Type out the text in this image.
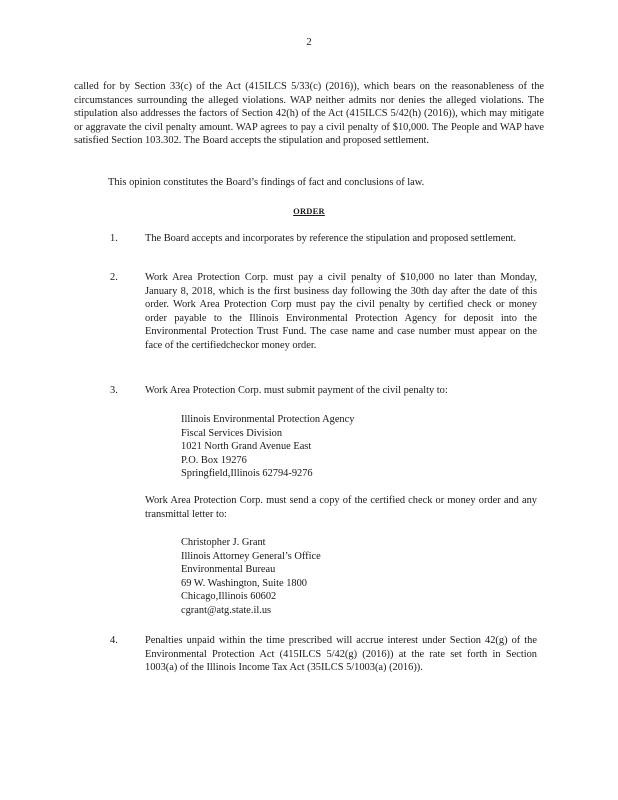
2
called for by Section 33(c) of the Act (415ILCS 5/33(c) (2016)), which bears on the reasonableness of the circumstances surrounding the alleged violations. WAP neither admits nor denies the alleged violations. The stipulation also addresses the factors of Section 42(h) of the Act (415ILCS 5/42(h) (2016)), which may mitigate or aggravate the civil penalty amount. WAP agrees to pay a civil penalty of $10,000. The People and WAP have satisfied Section 103.302. The Board accepts the stipulation and proposed settlement.
This opinion constitutes the Board’s findings of fact and conclusions of law.
ORDER
1.	The Board accepts and incorporates by reference the stipulation and proposed settlement.
2.	Work Area Protection Corp. must pay a civil penalty of $10,000 no later than Monday, January 8, 2018, which is the first business day following the 30th day after the date of this order. Work Area Protection Corp must pay the civil penalty by certified check or money order payable to the Illinois Environmental Protection Agency for deposit into the Environmental Protection Trust Fund. The case name and case number must appear on the face of the certifiedcheckor money order.
3.	Work Area Protection Corp. must submit payment of the civil penalty to:
Illinois Environmental Protection Agency
Fiscal Services Division
1021 North Grand Avenue East
P.O. Box 19276
Springfield,Illinois 62794-9276
Work Area Protection Corp. must send a copy of the certified check or money order and any transmittal letter to:
Christopher J. Grant
Illinois Attorney General’s Office
Environmental Bureau
69 W. Washington, Suite 1800
Chicago,Illinois 60602
cgrant@atg.state.il.us
4.	Penalties unpaid within the time prescribed will accrue interest under Section 42(g) of the Environmental Protection Act (415ILCS 5/42(g) (2016)) at the rate set forth in Section 1003(a) of the Illinois Income Tax Act (35ILCS 5/1003(a) (2016)).
